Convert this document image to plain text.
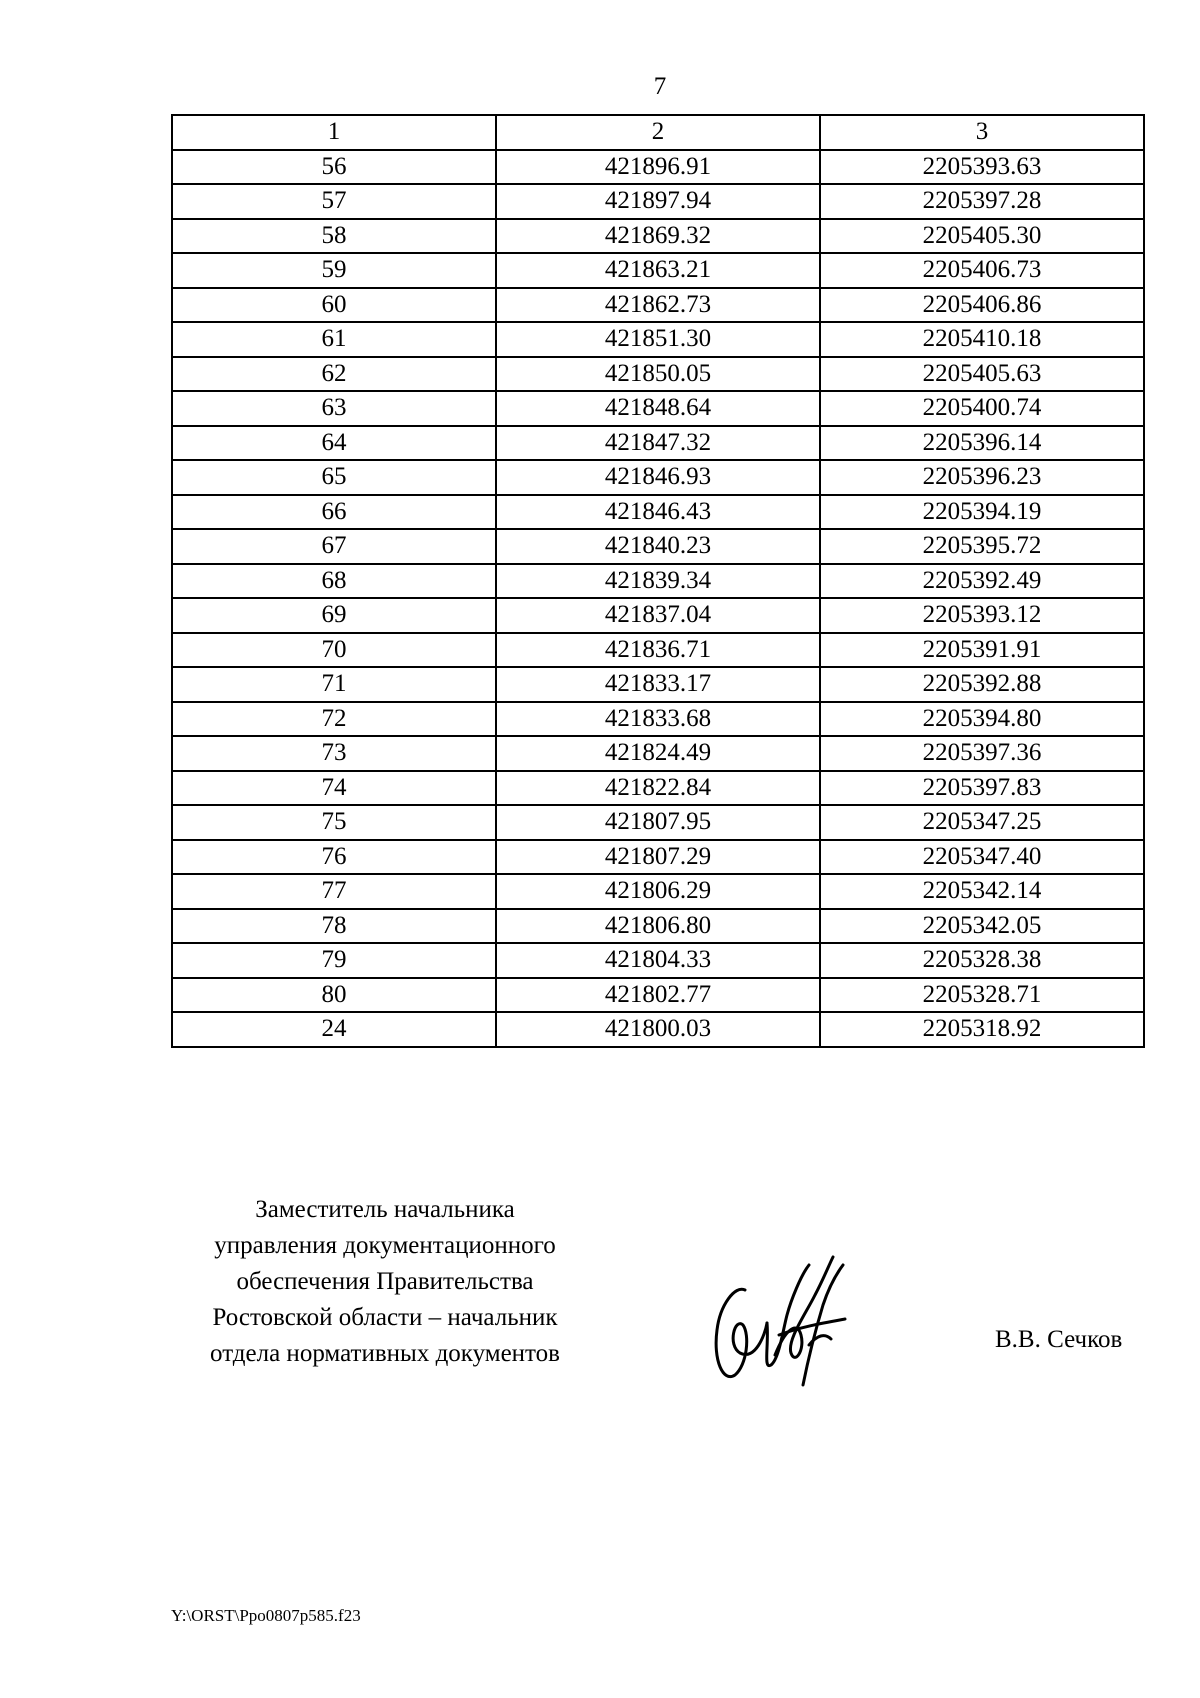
7
1	2	3
56	421896.91	2205393.63
57	421897.94	2205397.28
58	421869.32	2205405.30
59	421863.21	2205406.73
60	421862.73	2205406.86
61	421851.30	2205410.18
62	421850.05	2205405.63
63	421848.64	2205400.74
64	421847.32	2205396.14
65	421846.93	2205396.23
66	421846.43	2205394.19
67	421840.23	2205395.72
68	421839.34	2205392.49
69	421837.04	2205393.12
70	421836.71	2205391.91
71	421833.17	2205392.88
72	421833.68	2205394.80
73	421824.49	2205397.36
74	421822.84	2205397.83
75	421807.95	2205347.25
76	421807.29	2205347.40
77	421806.29	2205342.14
78	421806.80	2205342.05
79	421804.33	2205328.38
80	421802.77	2205328.71
24	421800.03	2205318.92
Заместитель начальника
управления документационного
обеспечения Правительства
Ростовской области – начальник
отдела нормативных документов
В.В. Сечков
Y:\ORST\Рро0807р585.f23
